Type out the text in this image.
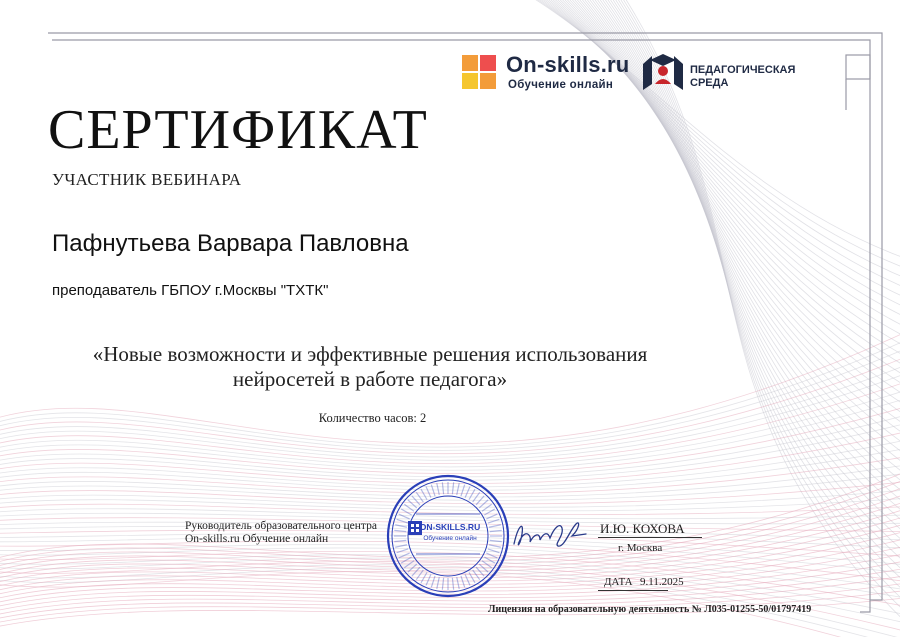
On-skills.ru
Обучение онлайн
ПЕДАГОГИЧЕСКАЯ
СРЕДА
СЕРТИФИКАТ
УЧАСТНИК ВЕБИНАРА
Пафнутьева Варвара Павловна
преподаватель ГБПОУ г.Москвы "ТХТК"
«Новые возможности и эффективные решения использования
нейросетей в работе педагога»
Количество часов: 2
Руководитель образовательного центра
On-skills.ru Обучение онлайн
ON-SKILLS.RU
Обучение онлайн
И.Ю. КОХОВА
г. Москва
ДАТА 9.11.2025
Лицензия на образовательную деятельность № Л035-01255-50/01797419
